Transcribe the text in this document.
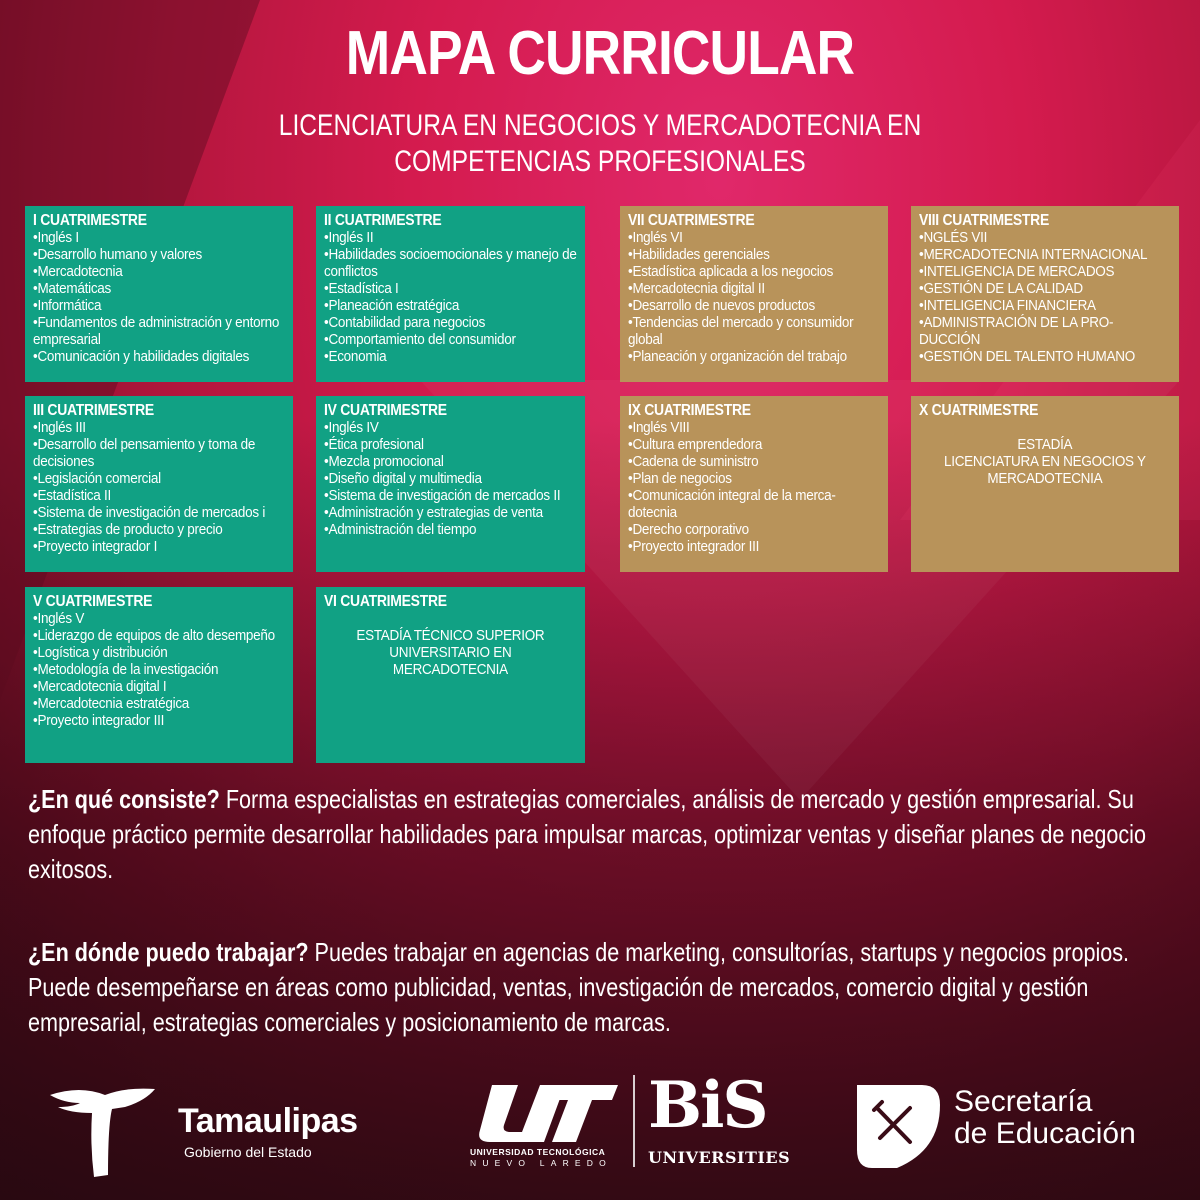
MAPA CURRICULAR
LICENCIATURA EN NEGOCIOS Y MERCADOTECNIA EN
COMPETENCIAS PROFESIONALES
I CUATRIMESTRE
• Inglés I
• Desarrollo humano y valores
• Mercadotecnia
• Matemáticas
• Informática
• Fundamentos de administración y entorno empresarial
• Comunicación y habilidades digitales
II CUATRIMESTRE
• Inglés II
• Habilidades socioemocionales y manejo de conflictos
• Estadística I
• Planeación estratégica
• Contabilidad para negocios
• Comportamiento del consumidor
• Economia
III CUATRIMESTRE
• Inglés III
• Desarrollo del pensamiento y toma de decisiones
• Legislación comercial
• Estadística II
• Sistema de investigación de mercados i
• Estrategias de producto y precio
• Proyecto integrador I
IV CUATRIMESTRE
• Inglés IV
• Ética profesional
• Mezcla promocional
• Diseño digital y multimedia
• Sistema de investigación de mercados II
• Administración y estrategias de venta
• Administración del tiempo
V CUATRIMESTRE
• Inglés V
• Liderazgo de equipos de alto desempeño
• Logística y distribución
• Metodología de la investigación
• Mercadotecnia digital I
• Mercadotecnia estratégica
• Proyecto integrador III
VI CUATRIMESTRE
ESTADÍA TÉCNICO SUPERIOR
UNIVERSITARIO EN
MERCADOTECNIA
VII CUATRIMESTRE
• Inglés VI
• Habilidades gerenciales
• Estadística aplicada a los negocios
• Mercadotecnia digital II
• Desarrollo de nuevos productos
• Tendencias del mercado y consumidor global
• Planeación y organización del trabajo
VIII CUATRIMESTRE
• NGLÉS VII
• MERCADOTECNIA INTERNACIONAL
• INTELIGENCIA DE MERCADOS
• GESTIÓN DE LA CALIDAD
• INTELIGENCIA FINANCIERA
• ADMINISTRACIÓN DE LA PRO-DUCCIÓN
• GESTIÓN DEL TALENTO HUMANO
IX CUATRIMESTRE
• Inglés VIII
• Cultura emprendedora
• Cadena de suministro
• Plan de negocios
• Comunicación integral de la merca-dotecnia
• Derecho corporativo
• Proyecto integrador III
X CUATRIMESTRE
ESTADÍA
LICENCIATURA EN NEGOCIOS Y
MERCADOTECNIA

¿En qué consiste? Forma especialistas en estrategias comerciales, análisis de mercado y gestión empresarial. Su enfoque práctico permite desarrollar habilidades para impulsar marcas, optimizar ventas y diseñar planes de negocio exitosos.

¿En dónde puedo trabajar? Puedes trabajar en agencias de marketing, consultorías, startups y negocios propios. Puede desempeñarse en áreas como publicidad, ventas, investigación de mercados, comercio digital y gestión empresarial, estrategias comerciales y posicionamiento de marcas.

Tamaulipas
Gobierno del Estado	UNIVERSIDAD TECNOLÓGICA
NUEVO LAREDO
BiS
UNIVERSITIES
Secretaría
de Educación
